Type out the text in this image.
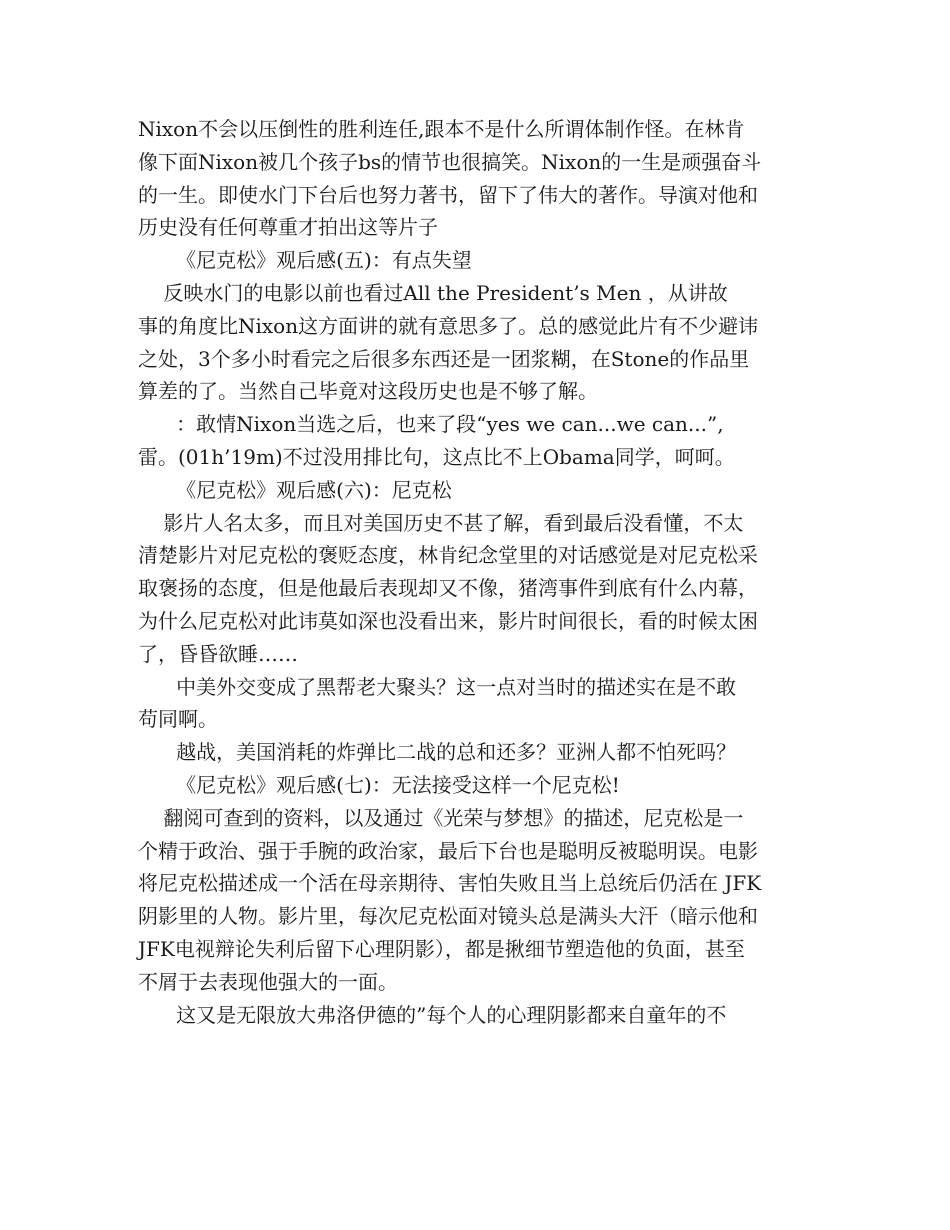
Nixon不会以压倒性的胜利连任,跟本不是什么所谓体制作怪。在林肯
像下面Nixon被几个孩子bs的情节也很搞笑。Nixon的一生是顽强奋斗
的一生。即使水门下台后也努力著书，留下了伟大的著作。导演对他和
历史没有任何尊重才拍出这等片子
《尼克松》观后感(五)：有点失望
反映水门的电影以前也看过All the President’s Men ，从讲故
事的角度比Nixon这方面讲的就有意思多了。总的感觉此片有不少避讳
之处，3个多小时看完之后很多东西还是一团浆糊，在Stone的作品里
算差的了。当然自己毕竟对这段历史也是不够了解。
：敢情Nixon当选之后，也来了段“yes we can...we can...”,
雷。(01h’19m)不过没用排比句，这点比不上Obama同学，呵呵。
《尼克松》观后感(六)：尼克松
影片人名太多，而且对美国历史不甚了解，看到最后没看懂，不太
清楚影片对尼克松的褒贬态度，林肯纪念堂里的对话感觉是对尼克松采
取褒扬的态度，但是他最后表现却又不像，猪湾事件到底有什么内幕，
为什么尼克松对此讳莫如深也没看出来，影片时间很长，看的时候太困
了，昏昏欲睡……
中美外交变成了黑帮老大聚头？这一点对当时的描述实在是不敢
苟同啊。
越战，美国消耗的炸弹比二战的总和还多？亚洲人都不怕死吗？
《尼克松》观后感(七)：无法接受这样一个尼克松!
翻阅可查到的资料，以及通过《光荣与梦想》的描述，尼克松是一
个精于政治、强于手腕的政治家，最后下台也是聪明反被聪明误。电影
将尼克松描述成一个活在母亲期待、害怕失败且当上总统后仍活在 JFK
阴影里的人物。影片里，每次尼克松面对镜头总是满头大汗（暗示他和
JFK电视辩论失利后留下心理阴影），都是揪细节塑造他的负面，甚至
不屑于去表现他强大的一面。
这又是无限放大弗洛伊德的”每个人的心理阴影都来自童年的不
